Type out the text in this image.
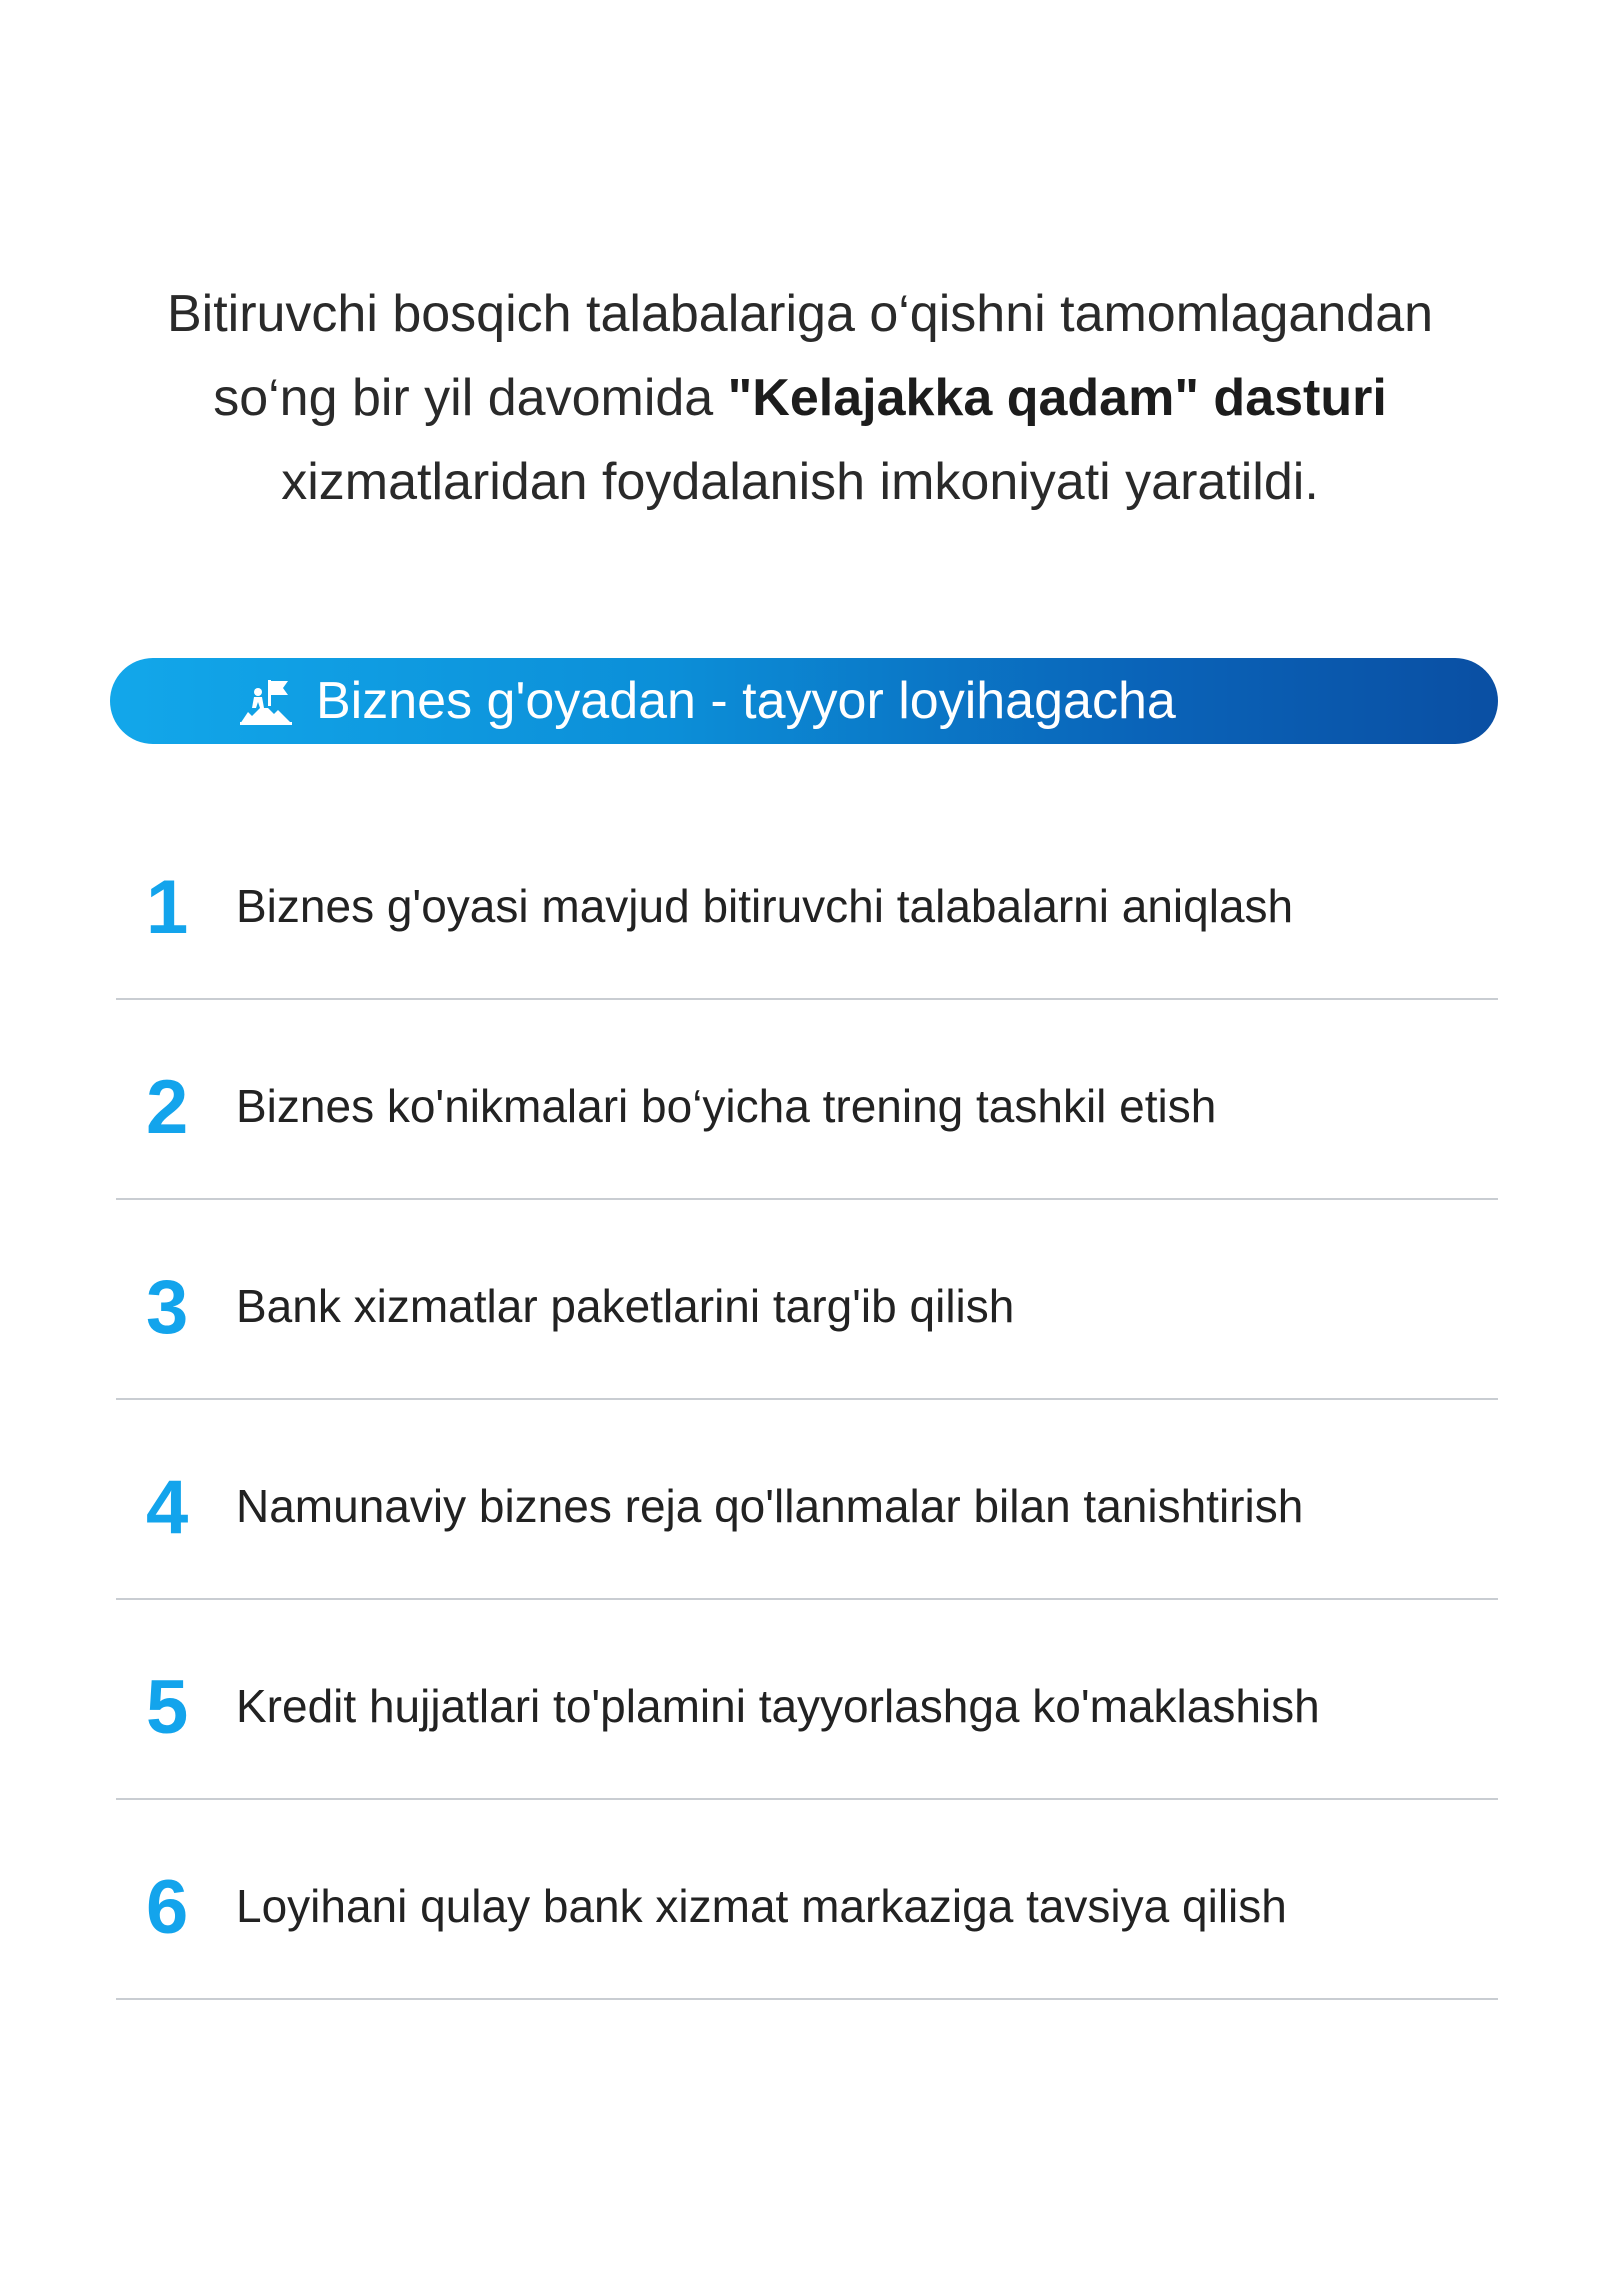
Bitiruvchi bosqich talabalariga o‘qishni tamomlagandan
so‘ng bir yil davomida "Kelajakka qadam" dasturi
xizmatlaridan foydalanish imkoniyati yaratildi.
Biznes g'oyadan - tayyor loyihagacha
1 Biznes g'oyasi mavjud bitiruvchi talabalarni aniqlash
2 Biznes ko'nikmalari bo‘yicha trening tashkil etish
3 Bank xizmatlar paketlarini targ'ib qilish
4 Namunaviy biznes reja qo'llanmalar bilan tanishtirish
5 Kredit hujjatlari to'plamini tayyorlashga ko'maklashish
6 Loyihani qulay bank xizmat markaziga tavsiya qilish
